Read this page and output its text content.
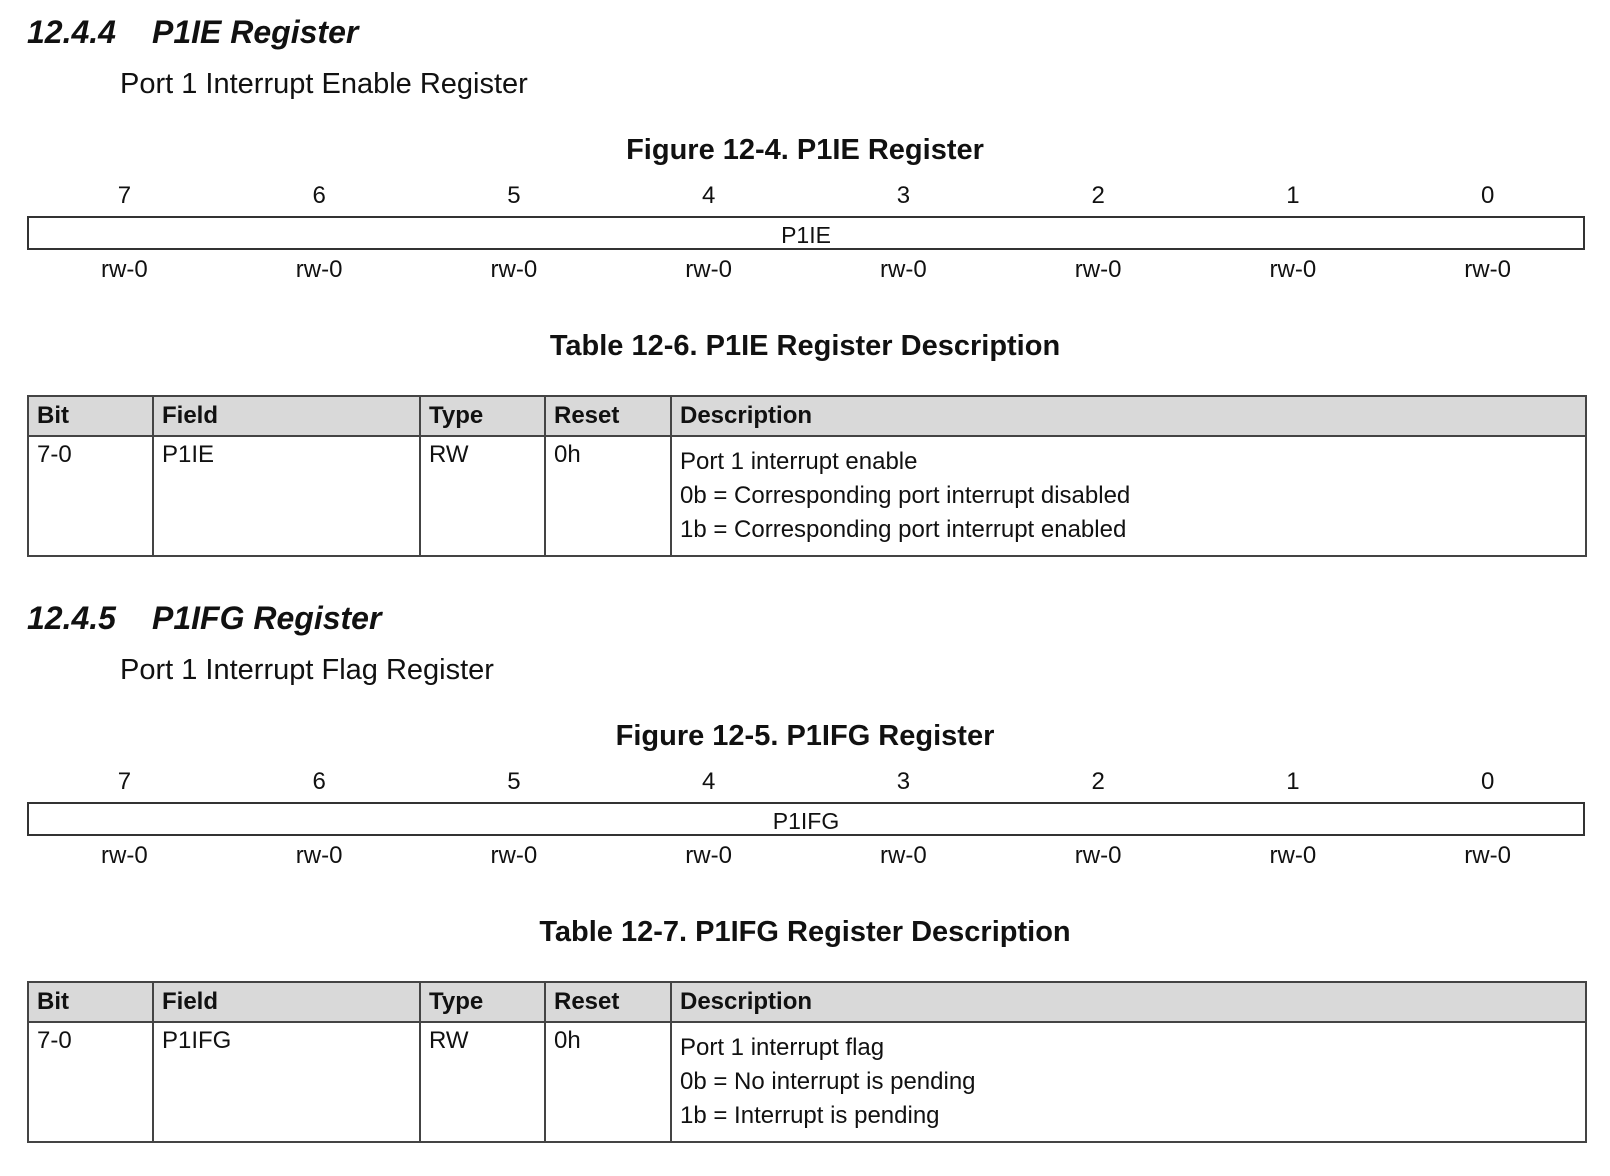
12.4.4 P1IE Register

Port 1 Interrupt Enable Register

Figure 12-4. P1IE Register

7	6	5	4	3	2	1	0
P1IE
rw-0	rw-0	rw-0	rw-0	rw-0	rw-0	rw-0	rw-0

Table 12-6. P1IE Register Description

Bit	Field	Type	Reset	Description
7-0	P1IE	RW	0h	Port 1 interrupt enable
0b = Corresponding port interrupt disabled
1b = Corresponding port interrupt enabled
12.4.5 P1IFG Register

Port 1 Interrupt Flag Register

Figure 12-5. P1IFG Register

7	6	5	4	3	2	1	0
P1IFG
rw-0	rw-0	rw-0	rw-0	rw-0	rw-0	rw-0	rw-0

Table 12-7. P1IFG Register Description

Bit	Field	Type	Reset	Description
7-0	P1IFG	RW	0h	Port 1 interrupt flag
0b = No interrupt is pending
1b = Interrupt is pending
